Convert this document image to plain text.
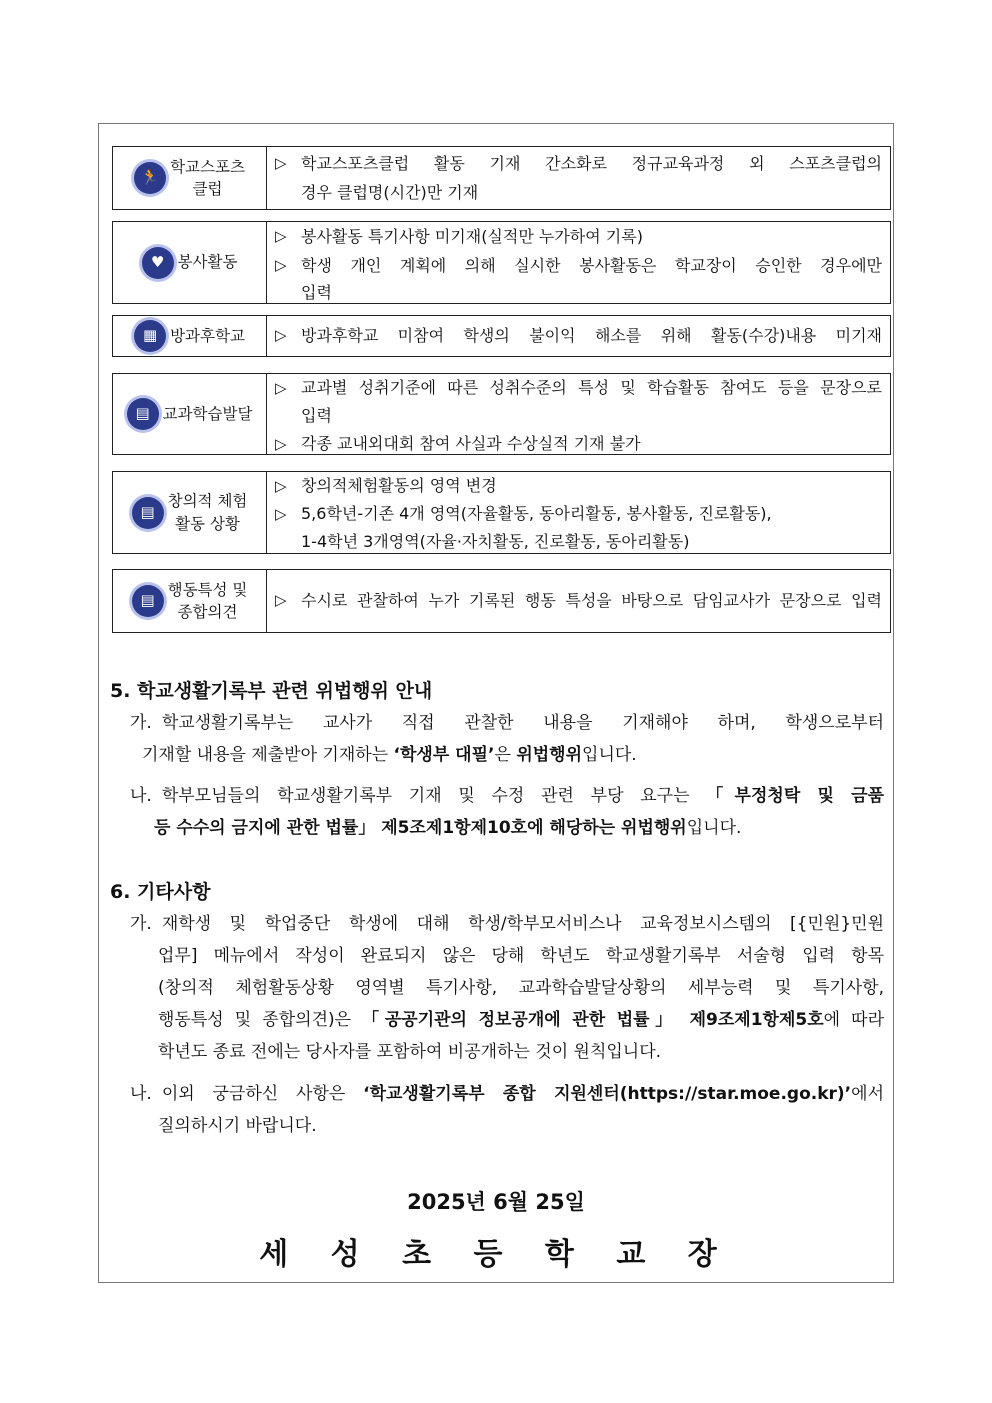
🏃
학교스포츠
클럽
▷ 학교스포츠클럽 활동 기재 간소화로 정규교육과정 외 스포츠클럽의
경우 클럽명(시간)만 기재
♥ 봉사활동
▷ 봉사활동 특기사항 미기재(실적만 누가하여 기록)
▷ 학생 개인 계획에 의해 실시한 봉사활동은 학교장이 승인한 경우에만
입력
▦ 방과후학교 ▷ 방과후학교 미참여 학생의 불이익 해소를 위해 활동(수강)내용 미기재
▤ 교과학습발달
▷ 교과별 성취기준에 따른 성취수준의 특성 및 학습활동 참여도 등을 문장으로
입력
▷ 각종 교내외대회 참여 사실과 수상실적 기재 불가
▤
창의적 체험
활동 상황
▷ 창의적체험활동의 영역 변경
▷ 5,6학년-기존 4개 영역(자율활동, 동아리활동, 봉사활동, 진로활동),
1-4학년 3개영역(자율·자치활동, 진로활동, 동아리활동)
▤
행동특성 및
종합의견
▷ 수시로 관찰하여 누가 기록된 행동 특성을 바탕으로 담임교사가 문장으로 입력
5. 학교생활기록부 관련 위법행위 안내
가. 학교생활기록부는 교사가 직접 관찰한 내용을 기재해야 하며, 학생으로부터
기재할 내용을 제출받아 기재하는 ‘학생부 대필’은 위법행위입니다.
나. 학부모님들의 학교생활기록부 기재 및 수정 관련 부당 요구는 「부정청탁 및 금품
등 수수의 금지에 관한 법률」 제5조제1항제10호에 해당하는 위법행위입니다.
6. 기타사항
가. 재학생 및 학업중단 학생에 대해 학생/학부모서비스나 교육정보시스템의 [{민원}민원
업무] 메뉴에서 작성이 완료되지 않은 당해 학년도 학교생활기록부 서술형 입력 항목
(창의적 체험활동상황 영역별 특기사항, 교과학습발달상황의 세부능력 및 특기사항,
행동특성 및 종합의견)은 「공공기관의 정보공개에 관한 법률」 제9조제1항제5호에 따라
학년도 종료 전에는 당사자를 포함하여 비공개하는 것이 원칙입니다.
나. 이외 궁금하신 사항은 ‘학교생활기록부 종합 지원센터(https://star.moe.go.kr)’에서
질의하시기 바랍니다.
2025년 6월 25일
세 성 초 등 학 교 장
